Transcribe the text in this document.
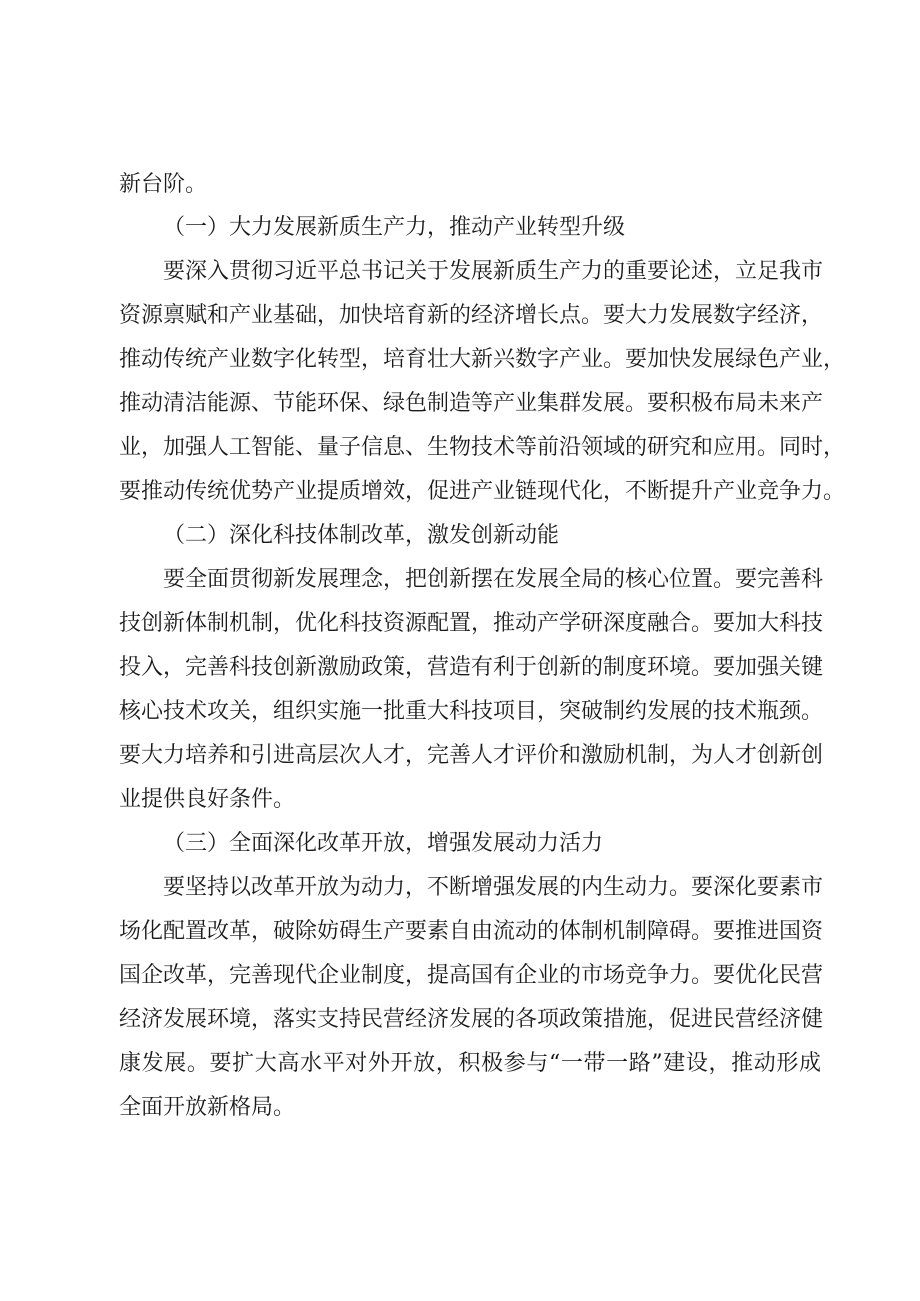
新台阶。
（一）大力发展新质生产力，推动产业转型升级
要深入贯彻习近平总书记关于发展新质生产力的重要论述，立足我市
资源禀赋和产业基础，加快培育新的经济增长点。要大力发展数字经济，
推动传统产业数字化转型，培育壮大新兴数字产业。要加快发展绿色产业，
推动清洁能源、节能环保、绿色制造等产业集群发展。要积极布局未来产
业，加强人工智能、量子信息、生物技术等前沿领域的研究和应用。同时，
要推动传统优势产业提质增效，促进产业链现代化，不断提升产业竞争力。
（二）深化科技体制改革，激发创新动能
要全面贯彻新发展理念，把创新摆在发展全局的核心位置。要完善科
技创新体制机制，优化科技资源配置，推动产学研深度融合。要加大科技
投入，完善科技创新激励政策，营造有利于创新的制度环境。要加强关键
核心技术攻关，组织实施一批重大科技项目，突破制约发展的技术瓶颈。
要大力培养和引进高层次人才，完善人才评价和激励机制，为人才创新创
业提供良好条件。
（三）全面深化改革开放，增强发展动力活力
要坚持以改革开放为动力，不断增强发展的内生动力。要深化要素市
场化配置改革，破除妨碍生产要素自由流动的体制机制障碍。要推进国资
国企改革，完善现代企业制度，提高国有企业的市场竞争力。要优化民营
经济发展环境，落实支持民营经济发展的各项政策措施，促进民营经济健
康发展。要扩大高水平对外开放，积极参与“一带一路”建设，推动形成
全面开放新格局。
